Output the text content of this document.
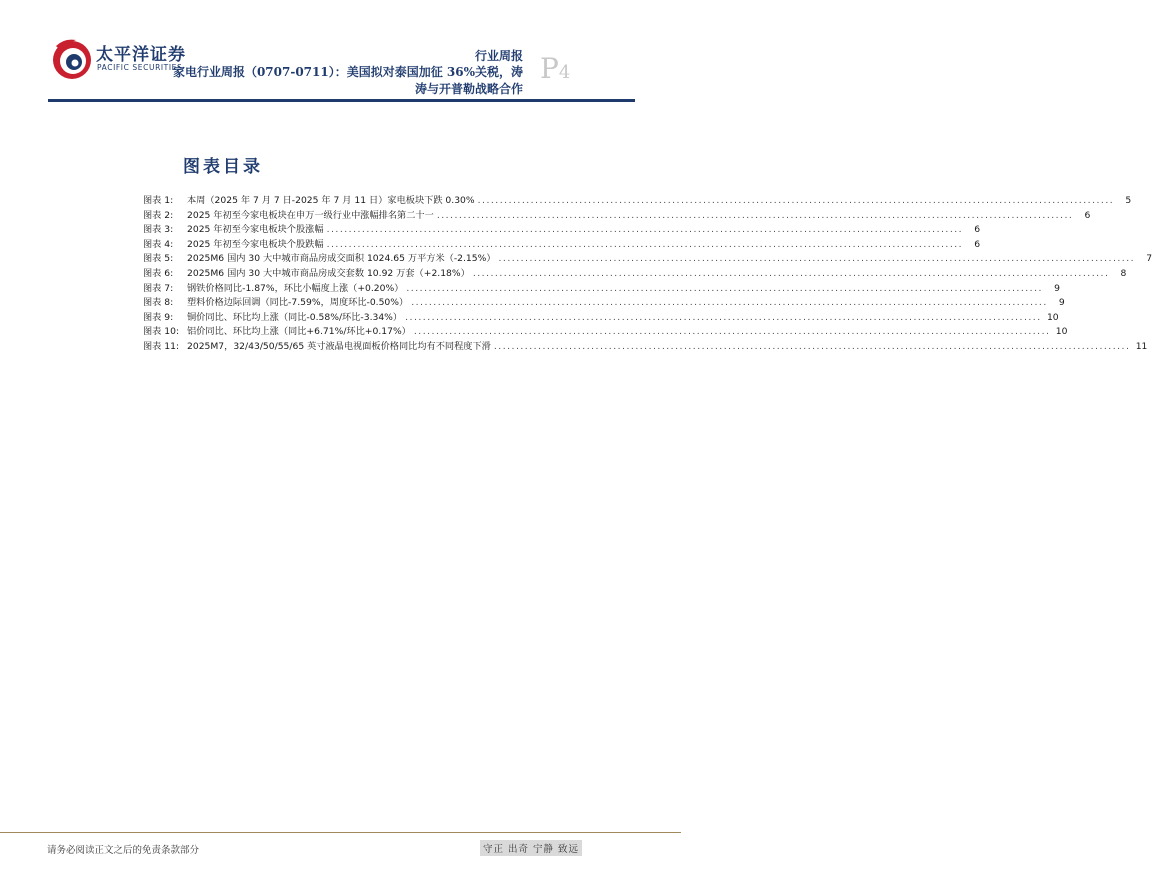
太平洋证券
PACIFIC SECURITIES
行业周报
家电行业周报（0707-0711）：美国拟对泰国加征 36%关税，涛涛与开普勒战略合作
P4
图表目录
图表 1:	本周（2025 年 7 月 7 日-2025 年 7 月 11 日）家电板块下跌 0.30% .....	5
图表 2:	2025 年初至今家电板块在申万一级行业中涨幅排名第二十一 .....	6
图表 3:	2025 年初至今家电板块个股涨幅 .....	6
图表 4:	2025 年初至今家电板块个股跌幅 .....	6
图表 5:	2025M6 国内 30 大中城市商品房成交面积 1024.65 万平方米（-2.15%） .....	7
图表 6:	2025M6 国内 30 大中城市商品房成交套数 10.92 万套（+2.18%） .....	8
图表 7:	钢铁价格同比-1.87%，环比小幅度上涨（+0.20%） .....	9
图表 8:	塑料价格边际回调（同比-7.59%，周度环比-0.50%） .....	9
图表 9:	铜价同比、环比均上涨（同比-0.58%/环比-3.34%） .....	10
图表 10: 铝价同比、环比均上涨（同比+6.71%/环比+0.17%） .....	10
图表 11: 2025M7，32/43/50/55/65 英寸液晶电视面板价格同比均有不同程度下滑 .....	11
请务必阅读正文之后的免责条款部分	守正 出奇 宁静 致远
